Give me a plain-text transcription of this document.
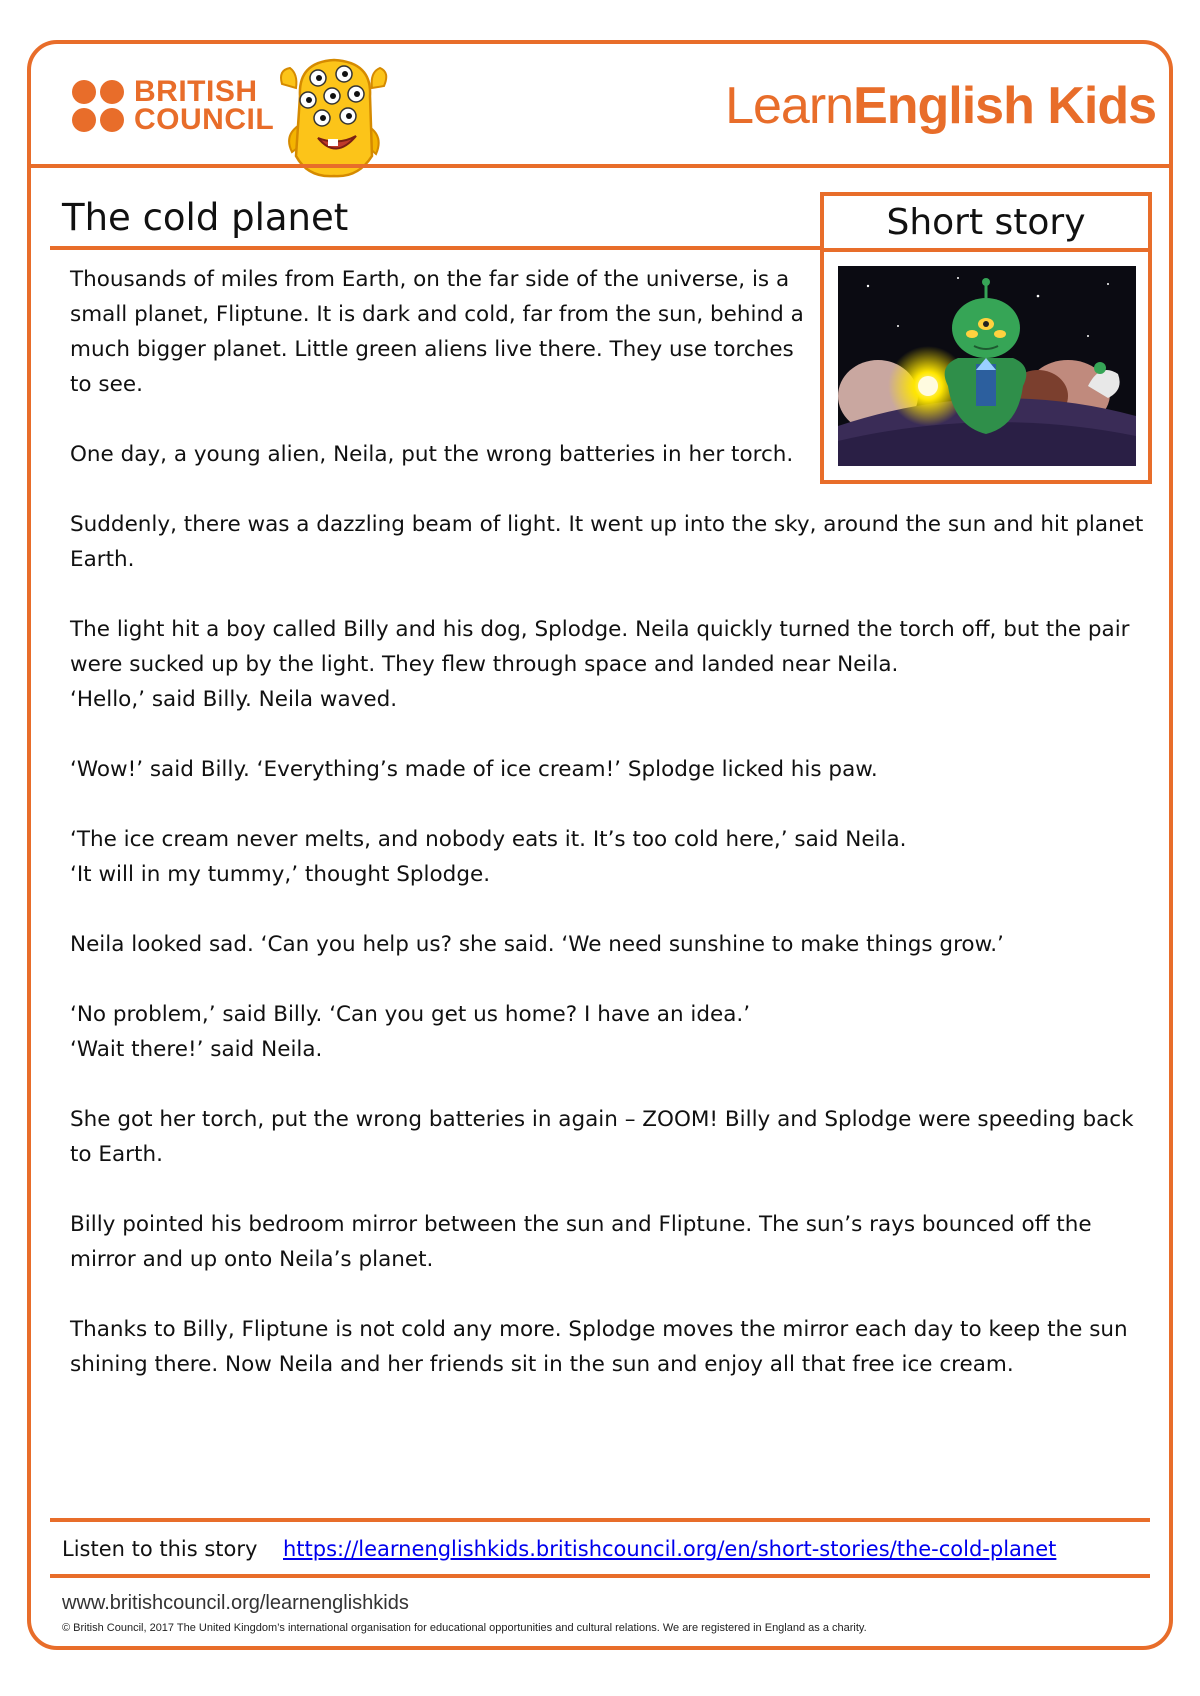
BRITISH
COUNCIL	LearnEnglish Kids
The cold planet	Short story

Thousands of miles from Earth, on the far side of the universe, is a small planet, Fliptune. It is dark and cold, far from the sun, behind a much bigger planet. Little green aliens live there. They use torches to see.

One day, a young alien, Neila, put the wrong batteries in her torch.

Suddenly, there was a dazzling beam of light. It went up into the sky, around the sun and hit planet Earth.

The light hit a boy called Billy and his dog, Splodge. Neila quickly turned the torch off, but the pair were sucked up by the light. They flew through space and landed near Neila.
‘Hello,’ said Billy. Neila waved.

‘Wow!’ said Billy. ‘Everything’s made of ice cream!’ Splodge licked his paw.

‘The ice cream never melts, and nobody eats it. It’s too cold here,’ said Neila.
‘It will in my tummy,’ thought Splodge.

Neila looked sad. ‘Can you help us? she said. ‘We need sunshine to make things grow.’

‘No problem,’ said Billy. ‘Can you get us home? I have an idea.’
‘Wait there!’ said Neila.

She got her torch, put the wrong batteries in again – ZOOM! Billy and Splodge were speeding back to Earth.

Billy pointed his bedroom mirror between the sun and Fliptune. The sun’s rays bounced off the mirror and up onto Neila’s planet.

Thanks to Billy, Fliptune is not cold any more. Splodge moves the mirror each day to keep the sun shining there. Now Neila and her friends sit in the sun and enjoy all that free ice cream.

Listen to this story https://learnenglishkids.britishcouncil.org/en/short-stories/the-cold-planet
www.britishcouncil.org/learnenglishkids
© British Council, 2017 The United Kingdom’s international organisation for educational opportunities and cultural relations. We are registered in England as a charity.
